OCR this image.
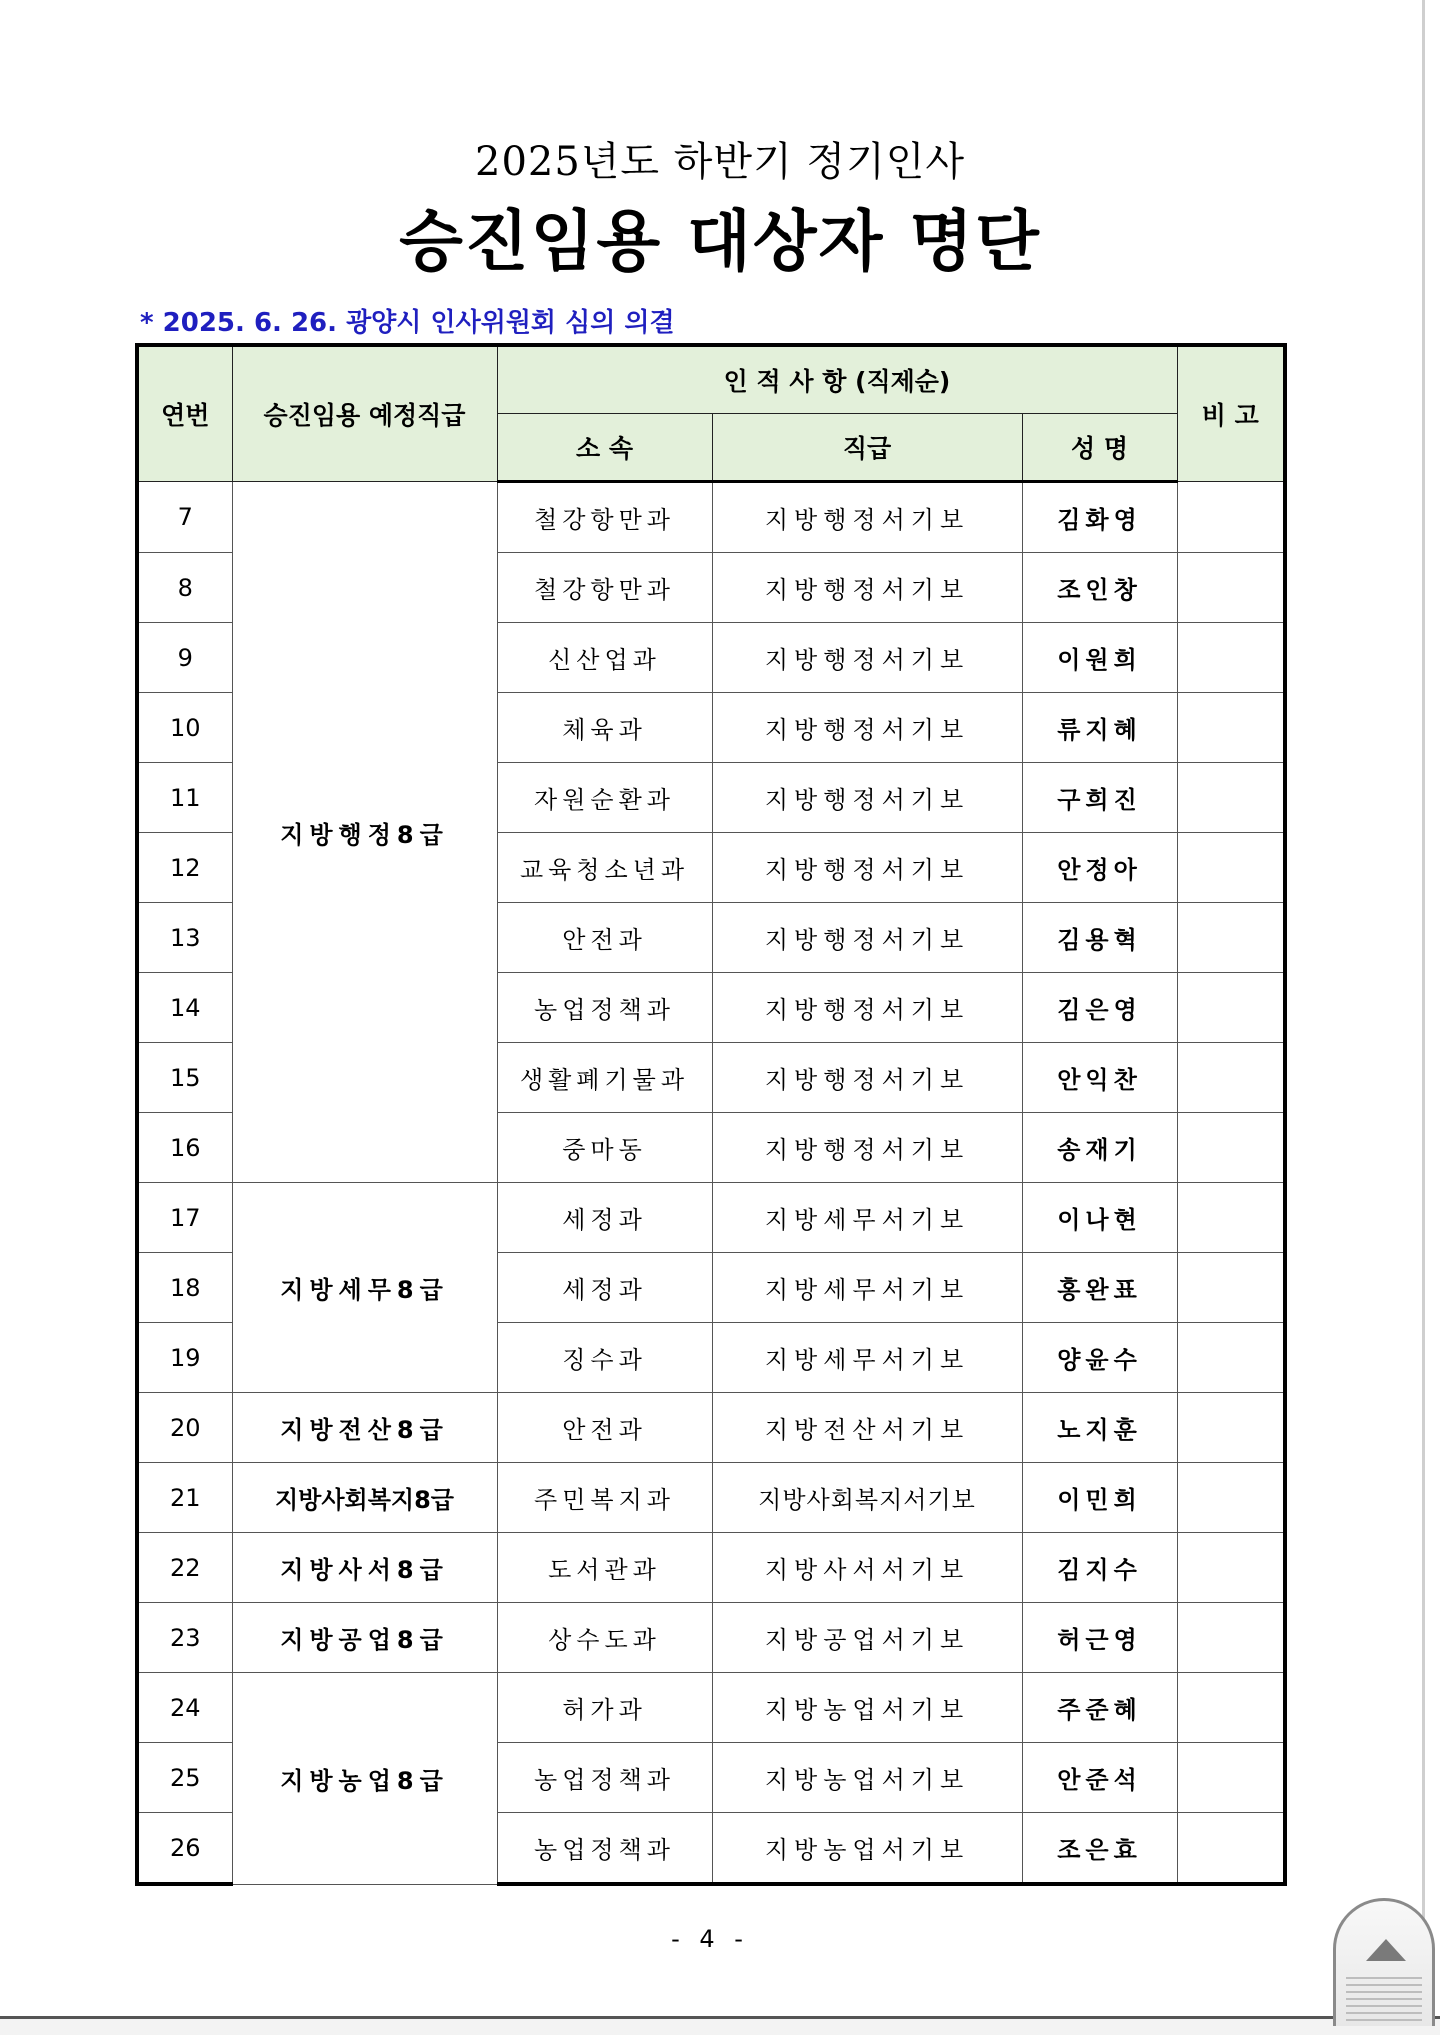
2025년도 하반기 정기인사
승진임용 대상자 명단
* 2025. 6. 26. 광양시 인사위원회 심의 의결
연번	승진임용 예정직급	인 적 사 항 (직제순)			비 고
		소 속	직급	성 명	
7	지방행정8급	철강항만과	지방행정서기보	김화영	
8		철강항만과	지방행정서기보	조인창	
9		신산업과	지방행정서기보	이원희	
10		체육과	지방행정서기보	류지혜	
11		자원순환과	지방행정서기보	구희진	
12		교육청소년과	지방행정서기보	안정아	
13		안전과	지방행정서기보	김용혁	
14		농업정책과	지방행정서기보	김은영	
15		생활폐기물과	지방행정서기보	안익찬	
16		중마동	지방행정서기보	송재기	
17	지방세무8급	세정과	지방세무서기보	이나현	
18		세정과	지방세무서기보	홍완표	
19		징수과	지방세무서기보	양윤수	
20	지방전산8급	안전과	지방전산서기보	노지훈	
21	지방사회복지8급	주민복지과	지방사회복지서기보	이민희	
22	지방사서8급	도서관과	지방사서서기보	김지수	
23	지방공업8급	상수도과	지방공업서기보	허근영	
24	지방농업8급	허가과	지방농업서기보	주준혜	
25		농업정책과	지방농업서기보	안준석	
26		농업정책과	지방농업서기보	조은효	
- 4 -
